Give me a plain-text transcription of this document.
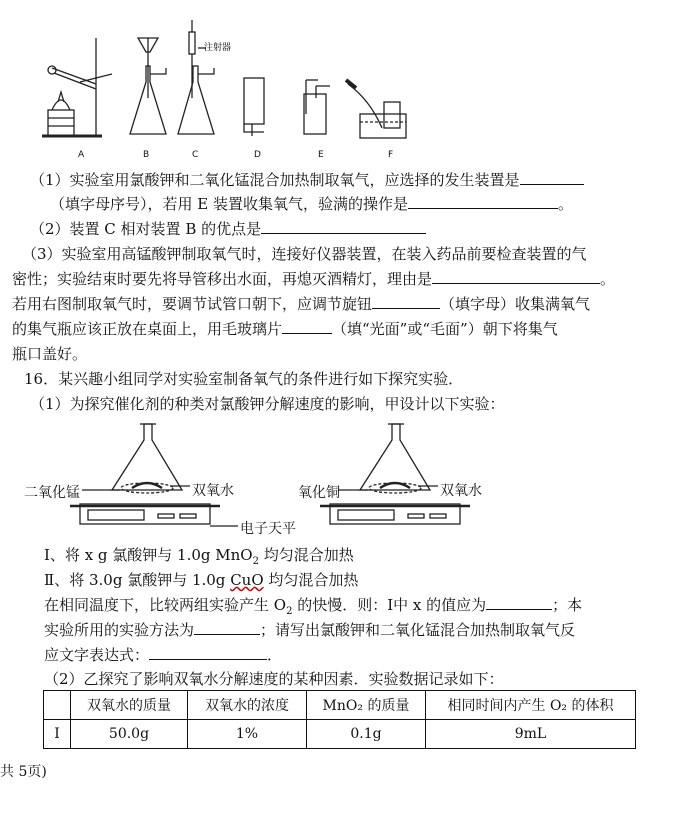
注射器
A	B	C	D	E	F
（1）实验室用氯酸钾和二氧化锰混合加热制取氧气，应选择的发生装置是
（填字母序号），若用 E 装置收集氧气，验满的操作是	。
（2）装置 C 相对装置 B 的优点是
（3）实验室用高锰酸钾制取氧气时，连接好仪器装置，在装入药品前要检查装置的气
密性；实验结束时要先将导管移出水面，再熄灭酒精灯，理由是	。
若用右图制取氧气时，要调节试管口朝下，应调节旋钮	（填字母）收集满氧气
的集气瓶应该正放在桌面上，用毛玻璃片	（填“光面”或“毛面”）朝下将集气
瓶口盖好。
16．某兴趣小组同学对实验室制备氧气的条件进行如下探究实验．
（1）为探究催化剂的种类对氯酸钾分解速度的影响，甲设计以下实验：
二氧化锰	双氧水	氧化铜	双氧水
电子天平
Ⅰ、将 x g 氯酸钾与 1.0g MnO$_2$ 均匀混合加热
Ⅱ、将 3.0g 氯酸钾与 1.0g CuO 均匀混合加热
在相同温度下，比较两组实验产生 $O_2$ 的快慢．则：Ⅰ中 x 的值应为	；本
实验所用的实验方法为	；请写出氯酸钾和二氧化锰混合加热制取氧气反
应文字表达式：	．
（2）乙探究了影响双氧水分解速度的某种因素．实验数据记录如下：
	双氧水的质量	双氧水的浓度	MnO₂ 的质量	相同时间内产生 O₂ 的体积
Ⅰ	50.0g	1%	0.1g	9mL
共 5页)
